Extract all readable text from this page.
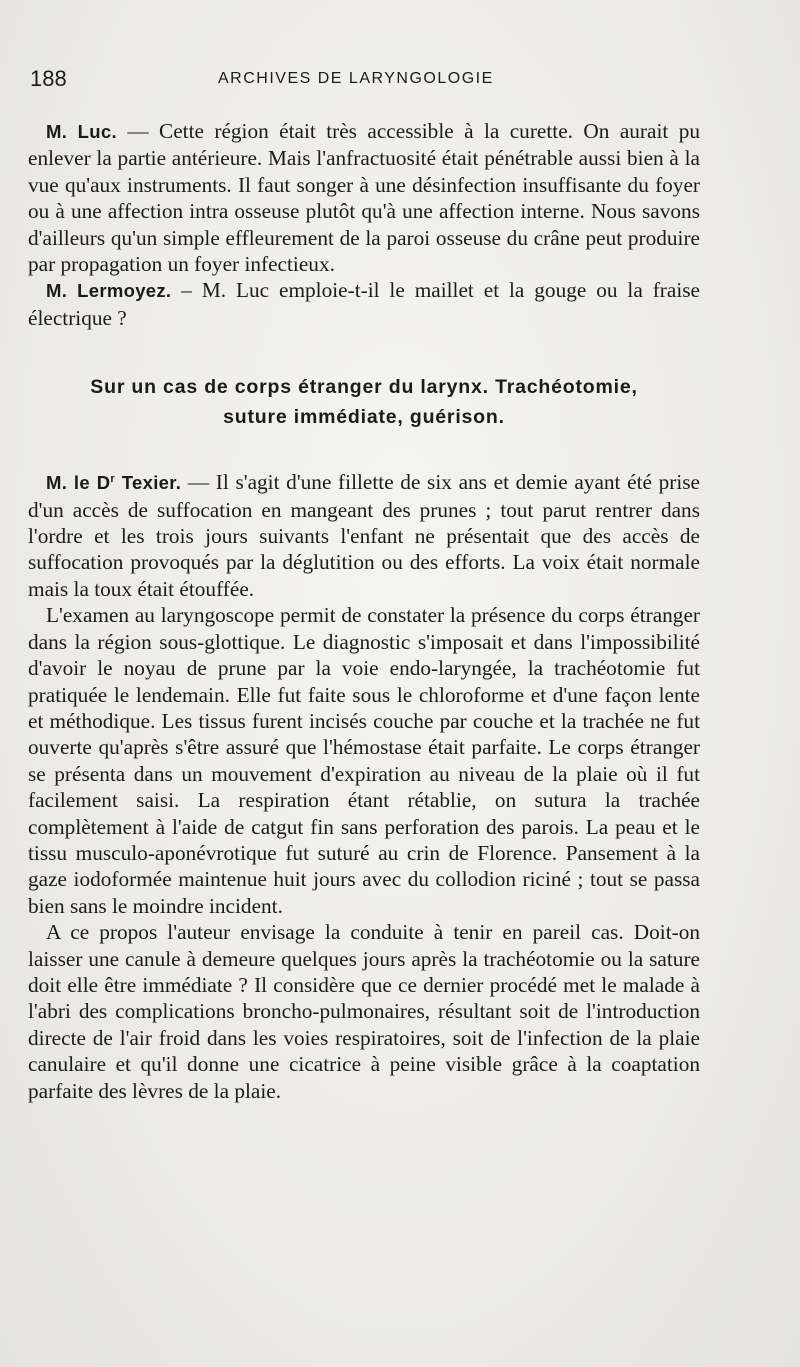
188	ARCHIVES DE LARYNGOLOGIE

M. Luc. — Cette région était très accessible à la curette. On aurait pu enlever la partie antérieure. Mais l'anfractuosité était pénétrable aussi bien à la vue qu'aux instruments. Il faut songer à une désinfection insuffisante du foyer ou à une affection intra osseuse plutôt qu'à une affection interne. Nous savons d'ailleurs qu'un simple effleurement de la paroi osseuse du crâne peut produire par propagation un foyer infectieux.

M. Lermoyez. – M. Luc emploie-t-il le maillet et la gouge ou la fraise électrique ?

Sur un cas de corps étranger du larynx. Trachéotomie,
suture immédiate, guérison.

M. le $D^r$ Texier. — Il s'agit d'une fillette de six ans et demie ayant été prise d'un accès de suffocation en mangeant des prunes ; tout parut rentrer dans l'ordre et les trois jours suivants l'enfant ne présentait que des accès de suffocation provoqués par la déglutition ou des efforts. La voix était normale mais la toux était étouffée.

L'examen au laryngoscope permit de constater la présence du corps étranger dans la région sous-glottique. Le diagnostic s'imposait et dans l'impossibilité d'avoir le noyau de prune par la voie endo-laryngée, la trachéotomie fut pratiquée le lendemain. Elle fut faite sous le chloroforme et d'une façon lente et méthodique. Les tissus furent incisés couche par couche et la trachée ne fut ouverte qu'après s'être assuré que l'hémostase était parfaite. Le corps étranger se présenta dans un mouvement d'expiration au niveau de la plaie où il fut facilement saisi. La respiration étant rétablie, on sutura la trachée complètement à l'aide de catgut fin sans perforation des parois. La peau et le tissu musculo-aponévrotique fut suturé au crin de Florence. Pansement à la gaze iodoformée maintenue huit jours avec du collodion riciné ; tout se passa bien sans le moindre incident.

A ce propos l'auteur envisage la conduite à tenir en pareil cas. Doit-on laisser une canule à demeure quelques jours après la trachéotomie ou la sature doit elle être immédiate ? Il considère que ce dernier procédé met le malade à l'abri des complications broncho-pulmonaires, résultant soit de l'introduction directe de l'air froid dans les voies respiratoires, soit de l'infection de la plaie canulaire et qu'il donne une cicatrice à peine visible grâce à la coaptation parfaite des lèvres de la plaie.
